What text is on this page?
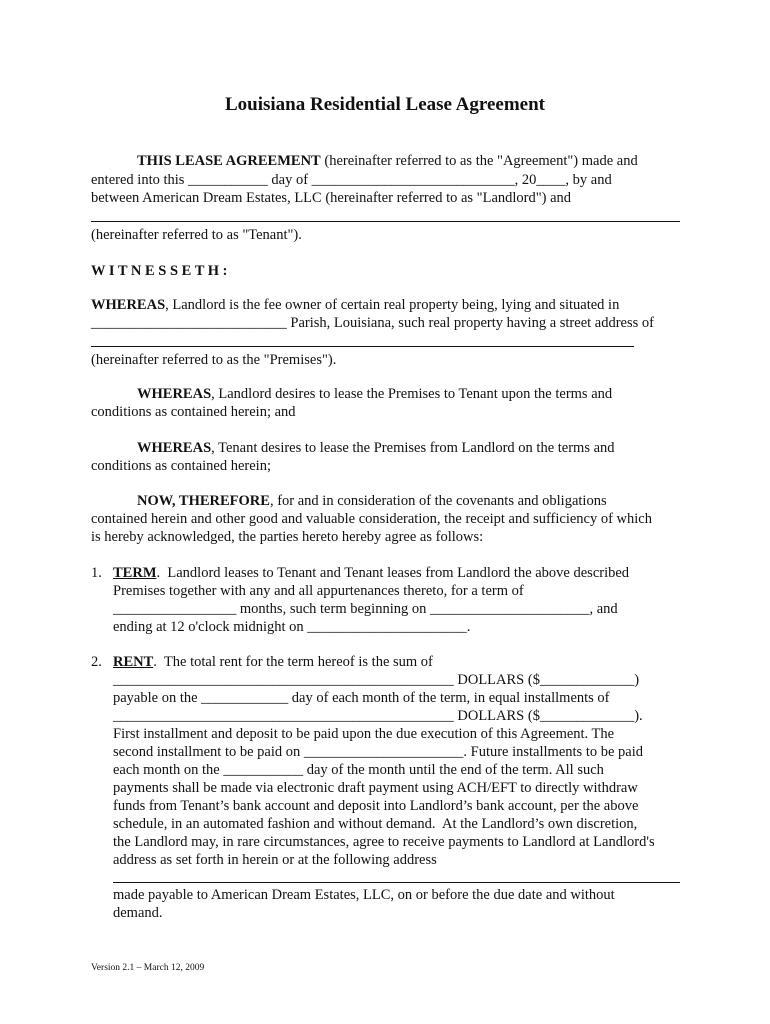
Louisiana Residential Lease Agreement

THIS LEASE AGREEMENT (hereinafter referred to as the "Agreement") made and

entered into this ___________ day of ____________________________, 20____, by and

between American Dream Estates, LLC (hereinafter referred to as "Landlord") and

(hereinafter referred to as "Tenant").

W I T N E S S E T H :

WHEREAS, Landlord is the fee owner of certain real property being, lying and situated in

___________________________ Parish, Louisiana, such real property having a street address of

(hereinafter referred to as the "Premises").

WHEREAS, Landlord desires to lease the Premises to Tenant upon the terms and

conditions as contained herein; and

WHEREAS, Tenant desires to lease the Premises from Landlord on the terms and

conditions as contained herein;

NOW, THEREFORE, for and in consideration of the covenants and obligations

contained herein and other good and valuable consideration, the receipt and sufficiency of which

is hereby acknowledged, the parties hereto hereby agree as follows:

1. TERM.  Landlord leases to Tenant and Tenant leases from Landlord the above described

Premises together with any and all appurtenances thereto, for a term of

_________________ months, such term beginning on ______________________, and

ending at 12 o'clock midnight on ______________________.

2. RENT.  The total rent for the term hereof is the sum of

_______________________________________________ DOLLARS ($_____________)

payable on the ____________ day of each month of the term, in equal installments of

_______________________________________________ DOLLARS ($_____________).

First installment and deposit to be paid upon the due execution of this Agreement. The

second installment to be paid on ______________________. Future installments to be paid

each month on the ___________ day of the month until the end of the term. All such

payments shall be made via electronic draft payment using ACH/EFT to directly withdraw

funds from Tenant’s bank account and deposit into Landlord’s bank account, per the above

schedule, in an automated fashion and without demand.  At the Landlord’s own discretion,

the Landlord may, in rare circumstances, agree to receive payments to Landlord at Landlord's

address as set forth in herein or at the following address

made payable to American Dream Estates, LLC, on or before the due date and without

demand.

Version 2.1 – March 12, 2009
